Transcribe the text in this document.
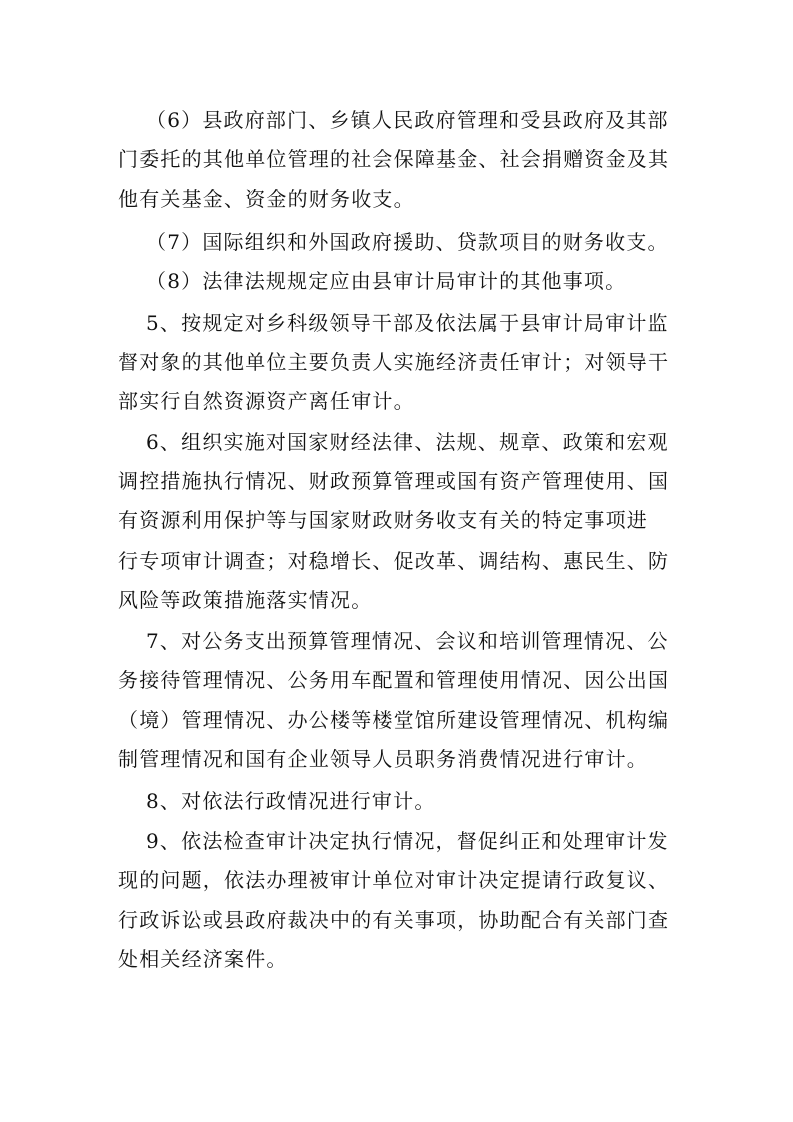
（6）县政府部门、乡镇人民政府管理和受县政府及其部
门委托的其他单位管理的社会保障基金、社会捐赠资金及其
他有关基金、资金的财务收支。
（7）国际组织和外国政府援助、贷款项目的财务收支。
（8）法律法规规定应由县审计局审计的其他事项。
5、按规定对乡科级领导干部及依法属于县审计局审计监
督对象的其他单位主要负责人实施经济责任审计；对领导干
部实行自然资源资产离任审计。
6、组织实施对国家财经法律、法规、规章、政策和宏观
调控措施执行情况、财政预算管理或国有资产管理使用、国
有资源利用保护等与国家财政财务收支有关的特定事项进
行专项审计调查；对稳增长、促改革、调结构、惠民生、防
风险等政策措施落实情况。
7、对公务支出预算管理情况、会议和培训管理情况、公
务接待管理情况、公务用车配置和管理使用情况、因公出国
（境）管理情况、办公楼等楼堂馆所建设管理情况、机构编
制管理情况和国有企业领导人员职务消费情况进行审计。
8、对依法行政情况进行审计。
9、依法检查审计决定执行情况，督促纠正和处理审计发
现的问题，依法办理被审计单位对审计决定提请行政复议、
行政诉讼或县政府裁决中的有关事项，协助配合有关部门查
处相关经济案件。
